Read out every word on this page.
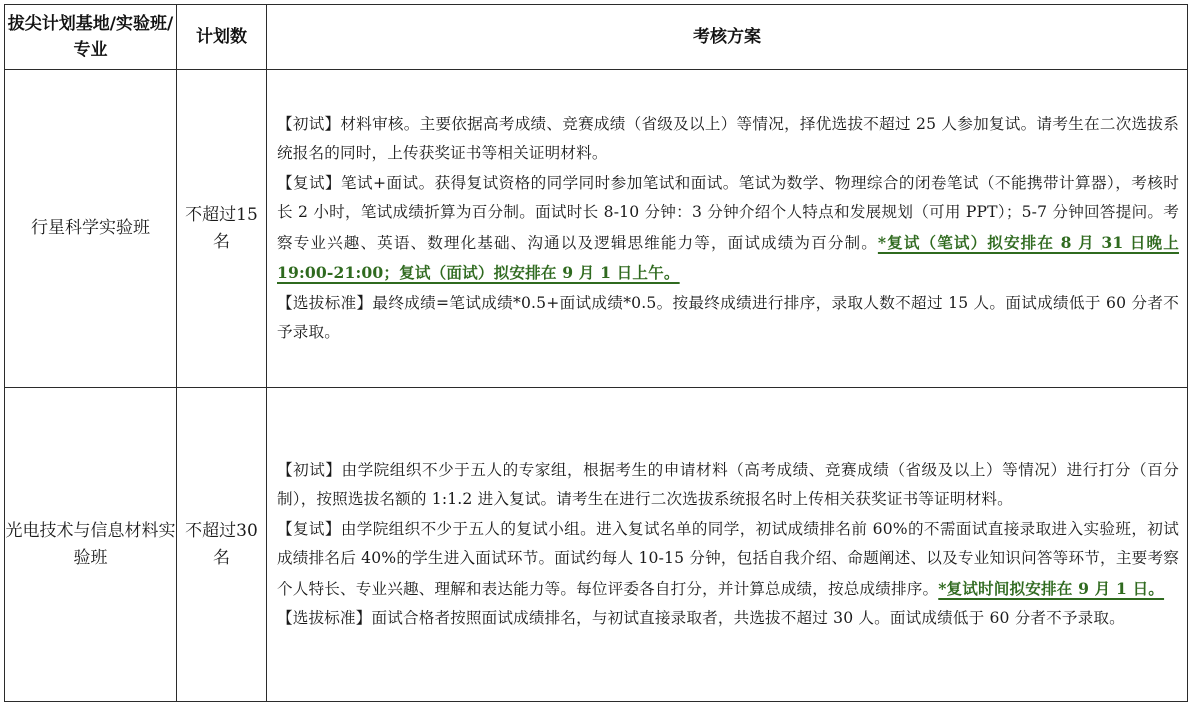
拔尖计划基地/实验班/专业	计划数	考核方案
行星科学实验班	不超过15名	【初试】材料审核。主要依据高考成绩、竞赛成绩（省级及以上）等情况，择优选拔不超过 25 人参加复试。请考生在二次选拔系统报名的同时，上传获奖证书等相关证明材料。

【复试】笔试+面试。获得复试资格的同学同时参加笔试和面试。笔试为数学、物理综合的闭卷笔试（不能携带计算器），考核时长 2 小时，笔试成绩折算为百分制。面试时长 8-10 分钟：3 分钟介绍个人特点和发展规划（可用 PPT）；5-7 分钟回答提问。考察专业兴趣、英语、数理化基础、沟通以及逻辑思维能力等，面试成绩为百分制。*复试（笔试）拟安排在 8 月 31 日晚上 19:00-21:00；复试（面试）拟安排在 9 月 1 日上午。

【选拔标准】最终成绩=笔试成绩*0.5+面试成绩*0.5。按最终成绩进行排序，录取人数不超过 15 人。面试成绩低于 60 分者不予录取。

光电技术与信息材料实验班	不超过30名	【初试】由学院组织不少于五人的专家组，根据考生的申请材料（高考成绩、竞赛成绩（省级及以上）等情况）进行打分（百分制），按照选拔名额的 1:1.2 进入复试。请考生在进行二次选拔系统报名时上传相关获奖证书等证明材料。

【复试】由学院组织不少于五人的复试小组。进入复试名单的同学，初试成绩排名前 60%的不需面试直接录取进入实验班，初试成绩排名后 40%的学生进入面试环节。面试约每人 10-15 分钟，包括自我介绍、命题阐述、以及专业知识问答等环节，主要考察个人特长、专业兴趣、理解和表达能力等。每位评委各自打分，并计算总成绩，按总成绩排序。*复试时间拟安排在 9 月 1 日。

【选拔标准】面试合格者按照面试成绩排名，与初试直接录取者，共选拔不超过 30 人。面试成绩低于 60 分者不予录取。
